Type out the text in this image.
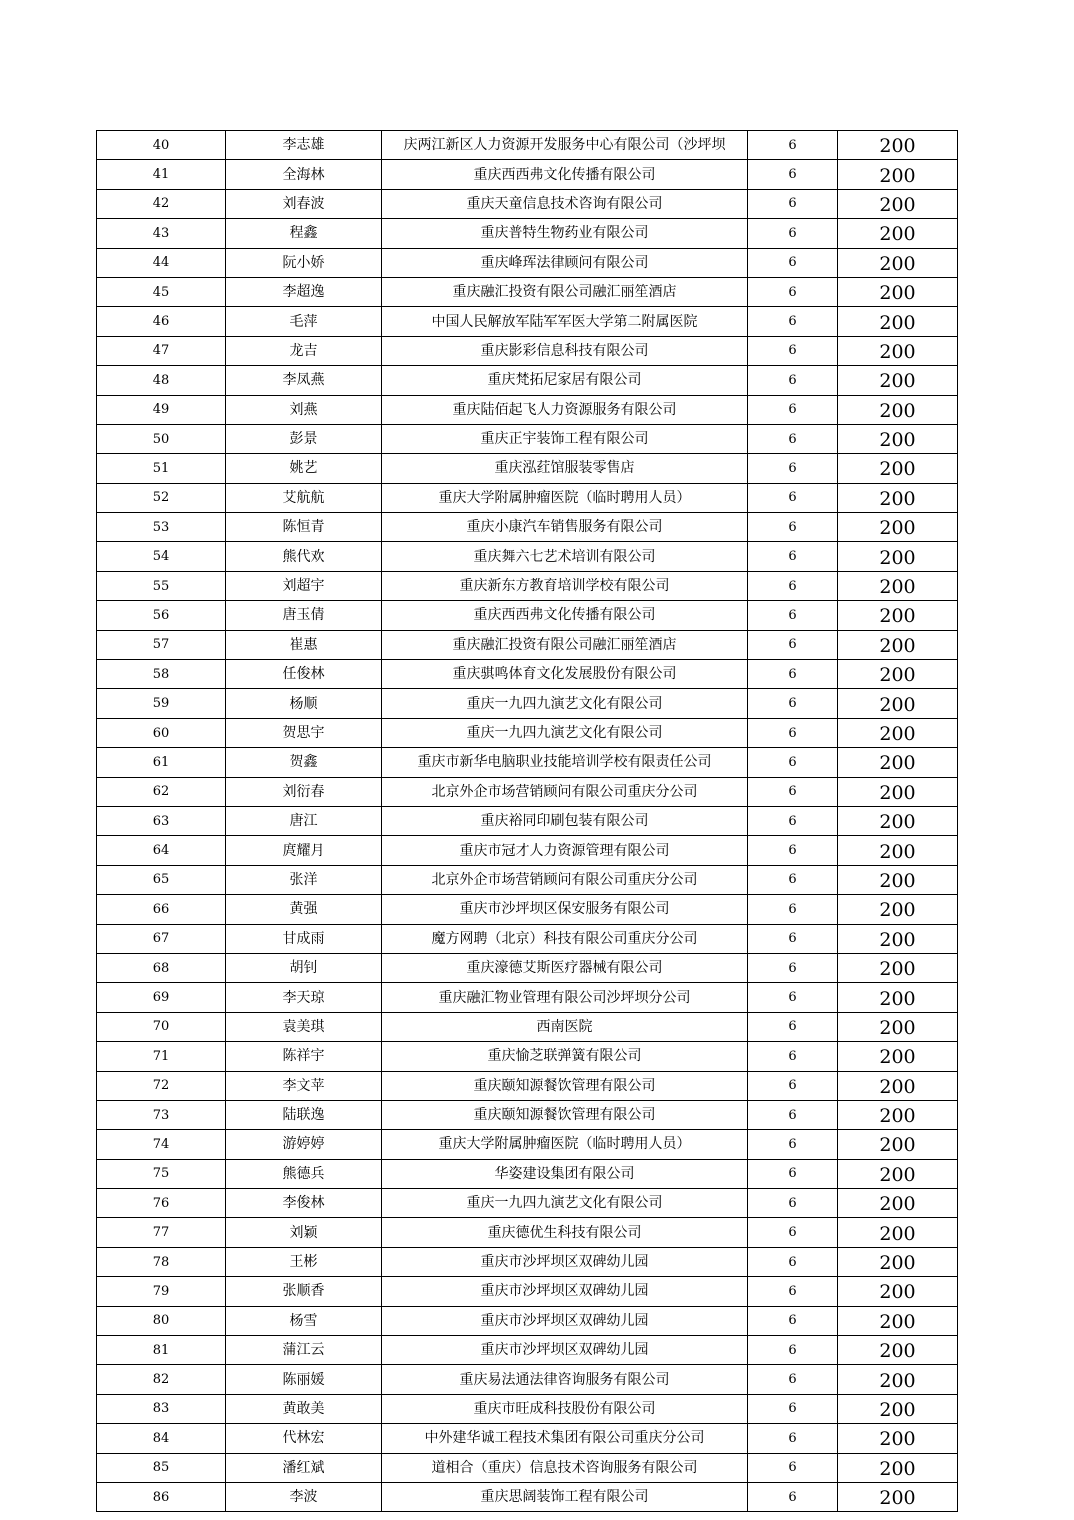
40	李志雄	庆两江新区人力资源开发服务中心有限公司（沙坪坝	6	200
41	全海林	重庆西西弗文化传播有限公司	6	200
42	刘春波	重庆天童信息技术咨询有限公司	6	200
43	程鑫	重庆普特生物药业有限公司	6	200
44	阮小娇	重庆峰珲法律顾问有限公司	6	200
45	李超逸	重庆融汇投资有限公司融汇丽笙酒店	6	200
46	毛萍	中国人民解放军陆军军医大学第二附属医院	6	200
47	龙吉	重庆影彩信息科技有限公司	6	200
48	李凤燕	重庆梵拓尼家居有限公司	6	200
49	刘燕	重庆陆佰起飞人力资源服务有限公司	6	200
50	彭景	重庆正宇装饰工程有限公司	6	200
51	姚艺	重庆泓荭馆服装零售店	6	200
52	艾航航	重庆大学附属肿瘤医院（临时聘用人员）	6	200
53	陈恒青	重庆小康汽车销售服务有限公司	6	200
54	熊代欢	重庆舞六七艺术培训有限公司	6	200
55	刘超宇	重庆新东方教育培训学校有限公司	6	200
56	唐玉倩	重庆西西弗文化传播有限公司	6	200
57	崔惠	重庆融汇投资有限公司融汇丽笙酒店	6	200
58	任俊林	重庆骐鸣体育文化发展股份有限公司	6	200
59	杨顺	重庆一九四九演艺文化有限公司	6	200
60	贺思宇	重庆一九四九演艺文化有限公司	6	200
61	贺鑫	重庆市新华电脑职业技能培训学校有限责任公司	6	200
62	刘衍春	北京外企市场营销顾问有限公司重庆分公司	6	200
63	唐江	重庆裕同印刷包装有限公司	6	200
64	庹耀月	重庆市冠才人力资源管理有限公司	6	200
65	张洋	北京外企市场营销顾问有限公司重庆分公司	6	200
66	黄强	重庆市沙坪坝区保安服务有限公司	6	200
67	甘成雨	魔方网聘（北京）科技有限公司重庆分公司	6	200
68	胡钊	重庆濠德艾斯医疗器械有限公司	6	200
69	李天琼	重庆融汇物业管理有限公司沙坪坝分公司	6	200
70	袁美琪	西南医院	6	200
71	陈祥宇	重庆愉芝联弹簧有限公司	6	200
72	李文苹	重庆颐知源餐饮管理有限公司	6	200
73	陆联逸	重庆颐知源餐饮管理有限公司	6	200
74	游婷婷	重庆大学附属肿瘤医院（临时聘用人员）	6	200
75	熊德兵	华姿建设集团有限公司	6	200
76	李俊林	重庆一九四九演艺文化有限公司	6	200
77	刘颖	重庆德优生科技有限公司	6	200
78	王彬	重庆市沙坪坝区双碑幼儿园	6	200
79	张顺香	重庆市沙坪坝区双碑幼儿园	6	200
80	杨雪	重庆市沙坪坝区双碑幼儿园	6	200
81	蒲江云	重庆市沙坪坝区双碑幼儿园	6	200
82	陈丽媛	重庆易法通法律咨询服务有限公司	6	200
83	黄敢美	重庆市旺成科技股份有限公司	6	200
84	代林宏	中外建华诚工程技术集团有限公司重庆分公司	6	200
85	潘红斌	道相合（重庆）信息技术咨询服务有限公司	6	200
86	李波	重庆思阔装饰工程有限公司	6	200
